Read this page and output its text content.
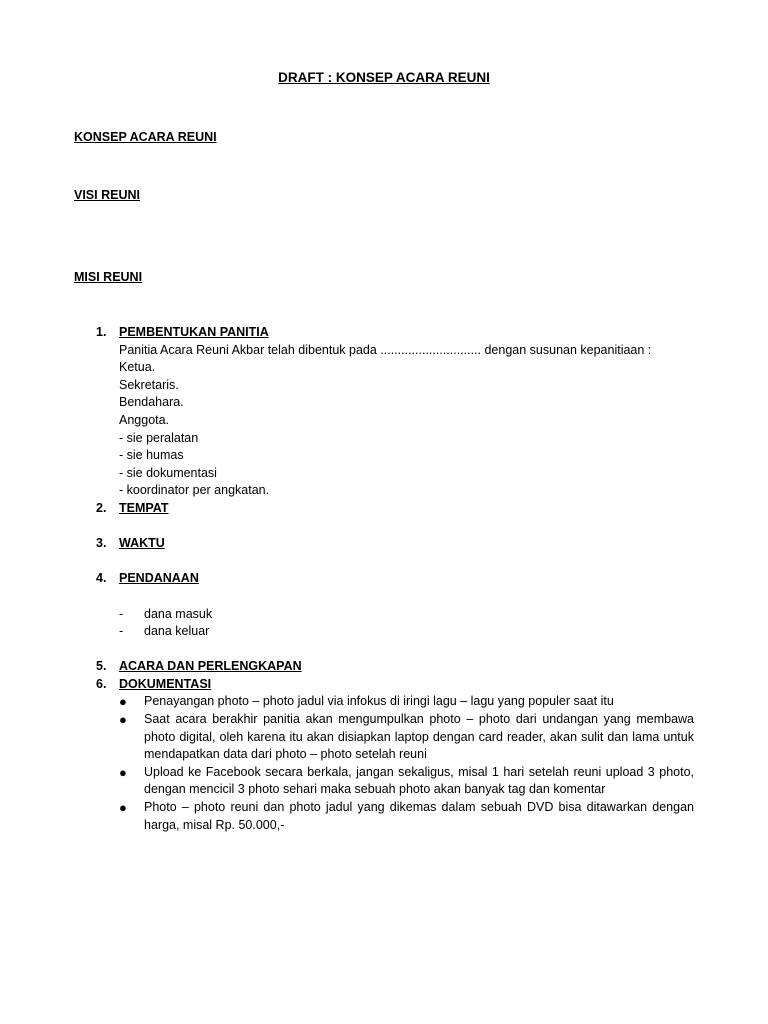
DRAFT : KONSEP ACARA REUNI
KONSEP ACARA REUNI
VISI REUNI
MISI REUNI
1. PEMBENTUKAN PANITIA
Panitia Acara Reuni Akbar telah dibentuk pada ............................. dengan susunan kepanitiaan :
Ketua.
Sekretaris.
Bendahara.
Anggota.
- sie peralatan
- sie humas
- sie dokumentasi
- koordinator per angkatan.
2. TEMPAT
3. WAKTU
4. PENDANAAN
- dana masuk
- dana keluar
5. ACARA DAN PERLENGKAPAN
6. DOKUMENTASI
● Penayangan photo – photo jadul via infokus di iringi lagu – lagu yang populer saat itu
● Saat acara berakhir panitia akan mengumpulkan photo – photo dari undangan yang membawa photo digital, oleh karena itu akan disiapkan laptop dengan card reader, akan sulit dan lama untuk mendapatkan data dari photo – photo setelah reuni
● Upload ke Facebook secara berkala, jangan sekaligus, misal 1 hari setelah reuni upload 3 photo, dengan mencicil 3 photo sehari maka sebuah photo akan banyak tag dan komentar
● Photo – photo reuni dan photo jadul yang dikemas dalam sebuah DVD bisa ditawarkan dengan harga, misal Rp. 50.000,-
